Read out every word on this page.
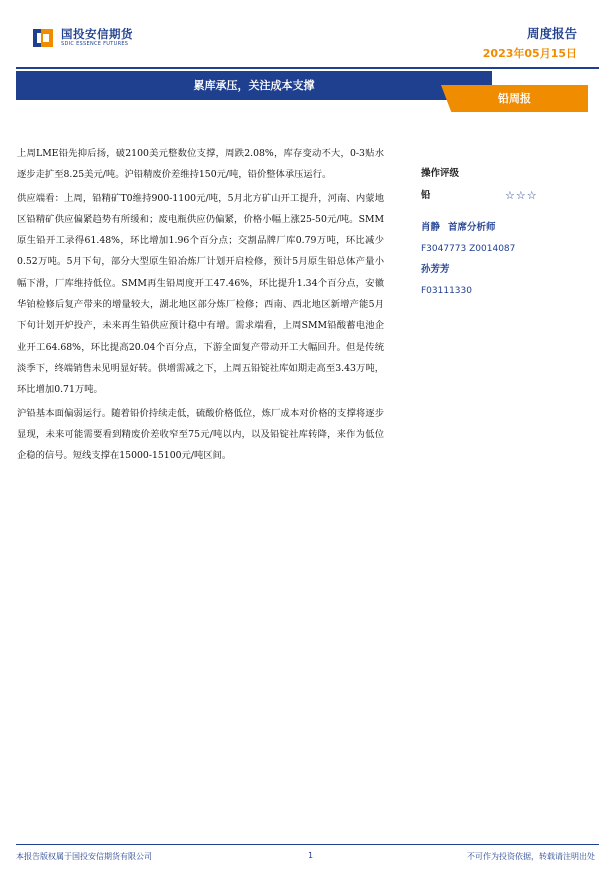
国投安信期货
SDIC ESSENCE FUTURES
周度报告
2023年05月15日
累库承压，关注成本支撑
铅周报

上周LME铅先抑后扬，破2100美元整数位支撑，周跌2.08%，库存变动不大，0-3贴水逐步走扩至8.25美元/吨。沪铅精废价差维持150元/吨，铅价整体承压运行。

供应端看：上周，铅精矿T0维持900-1100元/吨，5月北方矿山开工提升，河南、内蒙地区铅精矿供应偏紧趋势有所缓和；废电瓶供应仍偏紧，价格小幅上涨25-50元/吨。SMM原生铅开工录得61.48%，环比增加1.96个百分点；交割品牌厂库0.79万吨，环比减少0.52万吨。5月下旬，部分大型原生铅冶炼厂计划开启检修，预计5月原生铅总体产量小幅下滑，厂库维持低位。SMM再生铅周度开工47.46%，环比提升1.34个百分点，安徽华铂检修后复产带来的增量较大，湖北地区部分炼厂检修；西南、西北地区新增产能5月下旬计划开炉投产，未来再生铅供应预计稳中有增。需求端看，上周SMM铅酸蓄电池企业开工64.68%，环比提高20.04个百分点，下游全面复产带动开工大幅回升。但是传统淡季下，终端销售未见明显好转。供增需减之下，上周五铅锭社库如期走高至3.43万吨，环比增加0.71万吨。

沪铅基本面偏弱运行。随着铅价持续走低，硫酸价格低位，炼厂成本对价格的支撑将逐步显现，未来可能需要看到精废价差收窄至75元/吨以内，以及铅锭社库转降，来作为低位企稳的信号。短线支撑在15000-15100元/吨区间。

操作评级
铅	☆☆☆
肖静 首席分析师
F3047773 Z0014087
孙芳芳
F03111330
本报告版权属于国投安信期货有限公司	1	不可作为投资依据，转载请注明出处
